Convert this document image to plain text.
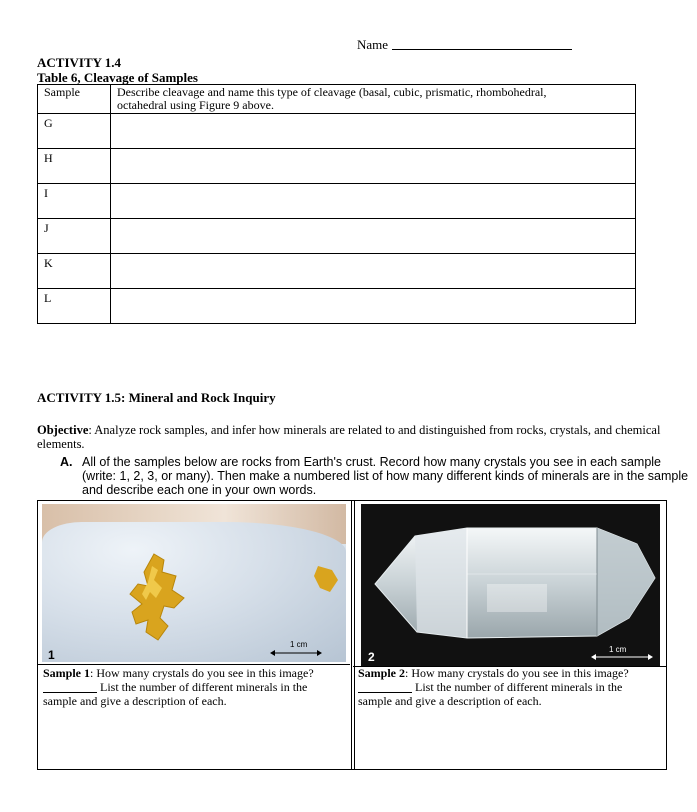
Name
ACTIVITY 1.4
Table 6, Cleavage of Samples
Sample	Describe cleavage and name this type of cleavage (basal, cubic, prismatic, rhombohedral,
octahedral using Figure 9 above.

G	
H	
I	
J	
K	
L	
ACTIVITY 1.5: Mineral and Rock Inquiry
Objective: Analyze rock samples, and infer how minerals are related to and distinguished from rocks, crystals, and chemical elements.
A. All of the samples below are rocks from Earth's crust. Record how many crystals you see in each sample (write: 1, 2, 3, or many). Then make a numbered list of how many different kinds of minerals are in the sample and describe each one in your own words.
1 cm
1	1 cm
2
Sample 1: How many crystals do you see in this image?
List the number of different minerals in the
sample and give a description of each.
Sample 2: How many crystals do you see in this image?
List the number of different minerals in the
sample and give a description of each.
